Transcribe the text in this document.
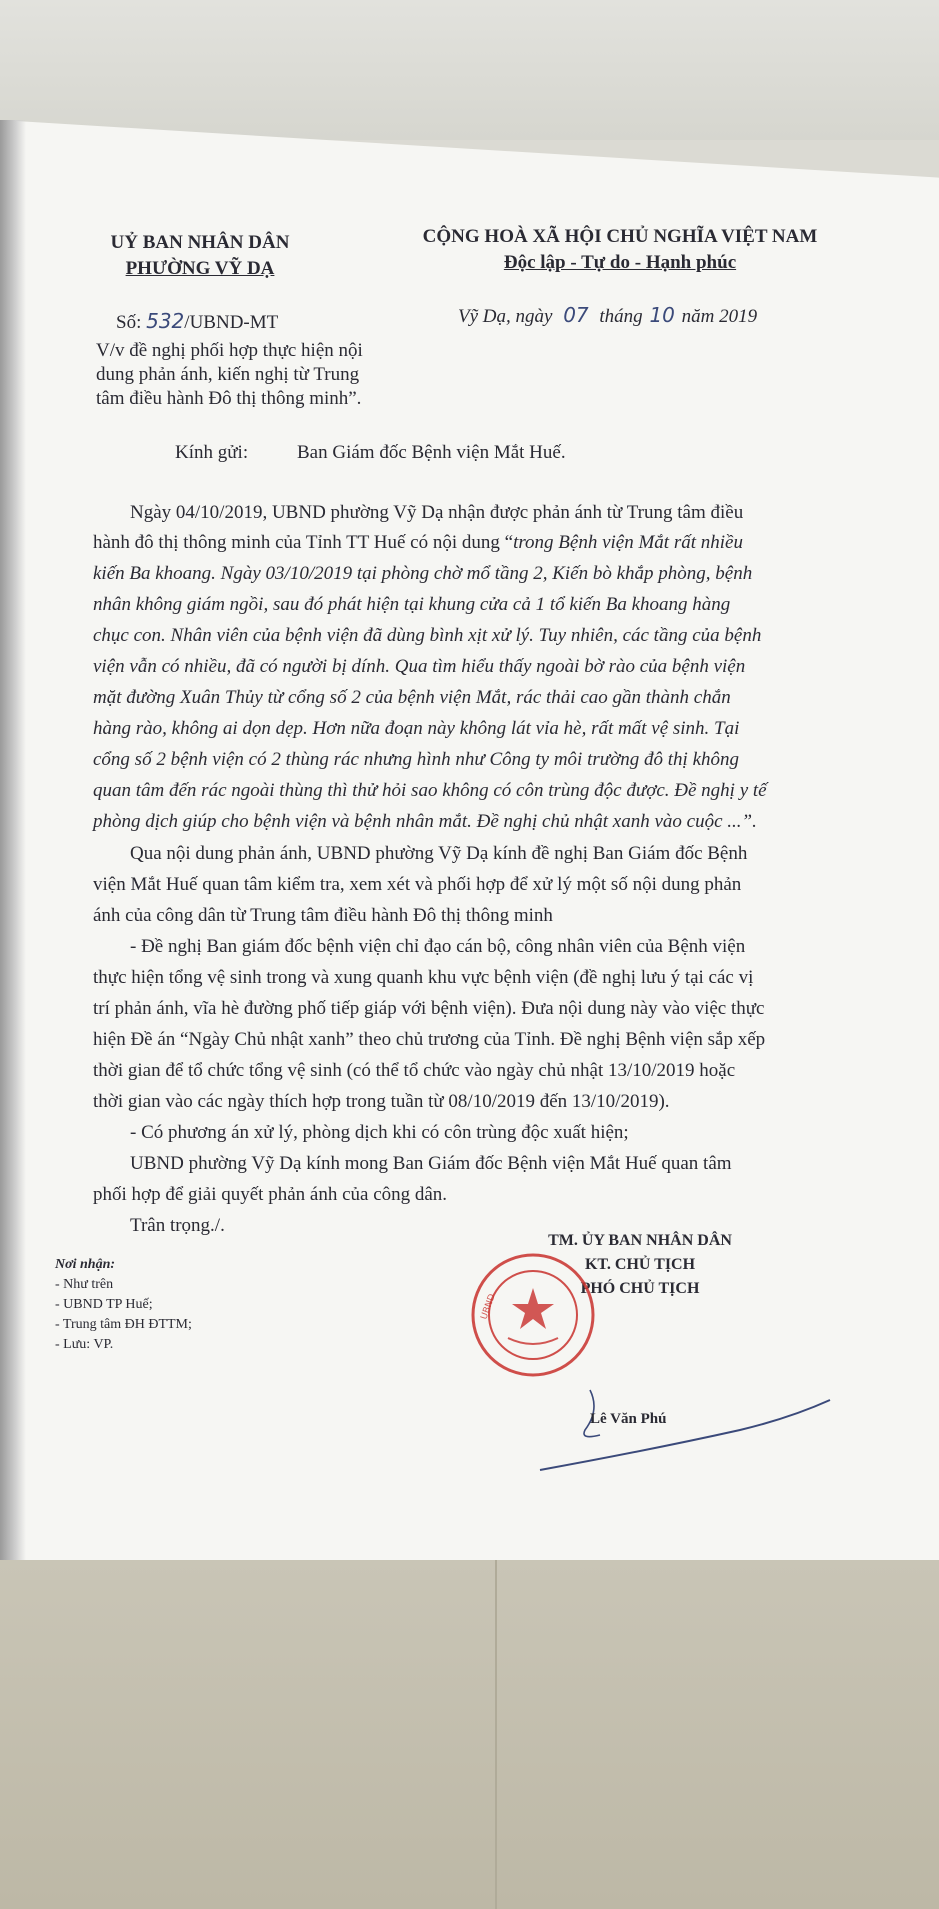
UỶ BAN NHÂN DÂN
PHƯỜNG VỸ DẠ
CỘNG HOÀ XÃ HỘI CHỦ NGHĨA VIỆT NAM
Độc lập - Tự do - Hạnh phúc
Số: 532/UBND-MT	Vỹ Dạ, ngày 07 tháng 10 năm 2019
V/v đề nghị phối hợp thực hiện nội
dung phản ánh, kiến nghị từ Trung
tâm điều hành Đô thị thông minh”.
Kính gửi:	Ban Giám đốc Bệnh viện Mắt Huế.
Ngày 04/10/2019, UBND phường Vỹ Dạ nhận được phản ánh từ Trung tâm điều
hành đô thị thông minh của Tỉnh TT Huế có nội dung “trong Bệnh viện Mắt rất nhiều
kiến Ba khoang. Ngày 03/10/2019 tại phòng chờ mổ tầng 2, Kiến bò khắp phòng, bệnh
nhân không giám ngồi, sau đó phát hiện tại khung cửa cả 1 tổ kiến Ba khoang hàng
chục con. Nhân viên của bệnh viện đã dùng bình xịt xử lý. Tuy nhiên, các tầng của bệnh
viện vẫn có nhiều, đã có người bị dính. Qua tìm hiểu thấy ngoài bờ rào của bệnh viện
mặt đường Xuân Thủy từ cổng số 2 của bệnh viện Mắt, rác thải cao gần thành chắn
hàng rào, không ai dọn dẹp. Hơn nữa đoạn này không lát vỉa hè, rất mất vệ sinh. Tại
cổng số 2 bệnh viện có 2 thùng rác nhưng hình như Công ty môi trường đô thị không
quan tâm đến rác ngoài thùng thì thử hỏi sao không có côn trùng độc được. Đề nghị y tế
phòng dịch giúp cho bệnh viện và bệnh nhân mắt. Đề nghị chủ nhật xanh vào cuộc ...”.
Qua nội dung phản ánh, UBND phường Vỹ Dạ kính đề nghị Ban Giám đốc Bệnh
viện Mắt Huế quan tâm kiểm tra, xem xét và phối hợp để xử lý một số nội dung phản
ánh của công dân từ Trung tâm điều hành Đô thị thông minh
- Đề nghị Ban giám đốc bệnh viện chỉ đạo cán bộ, công nhân viên của Bệnh viện
thực hiện tổng vệ sinh trong và xung quanh khu vực bệnh viện (đề nghị lưu ý tại các vị
trí phản ánh, vĩa hè đường phố tiếp giáp với bệnh viện). Đưa nội dung này vào việc thực
hiện Đề án “Ngày Chủ nhật xanh” theo chủ trương của Tỉnh. Đề nghị Bệnh viện sắp xếp
thời gian để tổ chức tổng vệ sinh (có thể tổ chức vào ngày chủ nhật 13/10/2019 hoặc
thời gian vào các ngày thích hợp trong tuần từ 08/10/2019 đến 13/10/2019).
- Có phương án xử lý, phòng dịch khi có côn trùng độc xuất hiện;
UBND phường Vỹ Dạ kính mong Ban Giám đốc Bệnh viện Mắt Huế quan tâm
phối hợp để giải quyết phản ánh của công dân.
Trân trọng./.
Nơi nhận:
- Như trên
- UBND TP Huế;
- Trung tâm ĐH ĐTTM;
- Lưu: VP.
TM. ỦY BAN NHÂN DÂN
KT. CHỦ TỊCH
PHÓ CHỦ TỊCH
UBND
Lê Văn Phú
